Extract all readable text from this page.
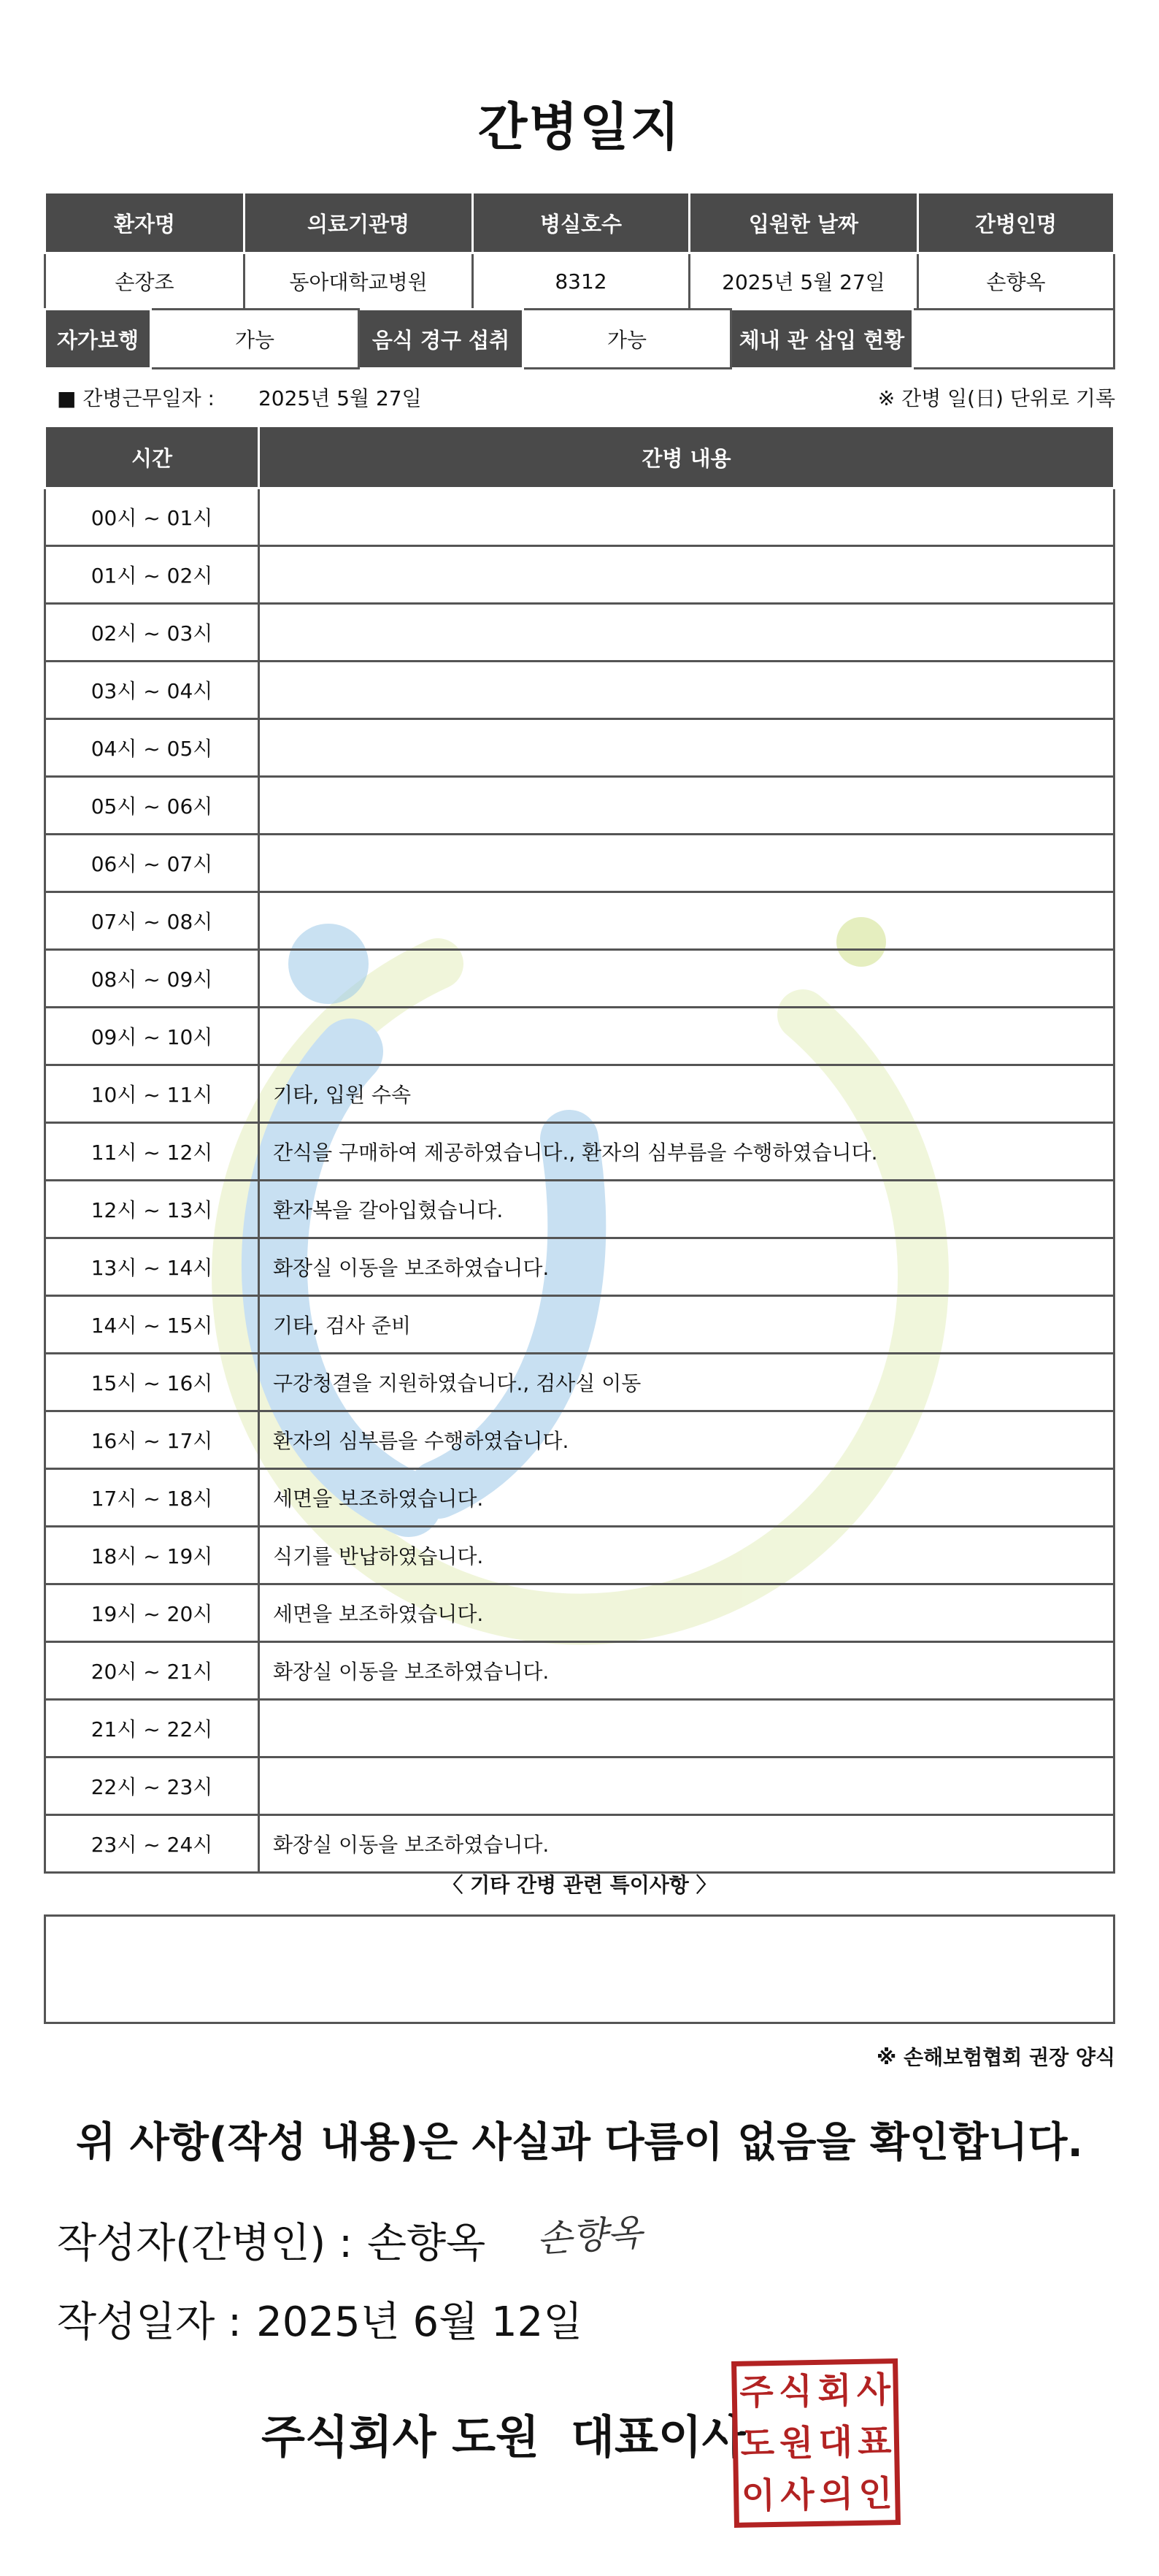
간병일지
환자명	의료기관명	병실호수	입원한 날짜	간병인명
손장조	동아대학교병원	8312	2025년 5월 27일	손향옥
자가보행	가능	음식 경구 섭취	가능	체내 관 삽입 현황	
■ 간병근무일자 : 2025년 5월 27일	※ 간병 일(日) 단위로 기록
시간	간병 내용
00시 ~ 01시	
01시 ~ 02시	
02시 ~ 03시	
03시 ~ 04시	
04시 ~ 05시	
05시 ~ 06시	
06시 ~ 07시	
07시 ~ 08시	
08시 ~ 09시	
09시 ~ 10시	
10시 ~ 11시	기타, 입원 수속
11시 ~ 12시	간식을 구매하여 제공하였습니다., 환자의 심부름을 수행하였습니다.
12시 ~ 13시	환자복을 갈아입혔습니다.
13시 ~ 14시	화장실 이동을 보조하였습니다.
14시 ~ 15시	기타, 검사 준비
15시 ~ 16시	구강청결을 지원하였습니다., 검사실 이동
16시 ~ 17시	환자의 심부름을 수행하였습니다.
17시 ~ 18시	세면을 보조하였습니다.
18시 ~ 19시	식기를 반납하였습니다.
19시 ~ 20시	세면을 보조하였습니다.
20시 ~ 21시	화장실 이동을 보조하였습니다.
21시 ~ 22시	
22시 ~ 23시	
23시 ~ 24시	화장실 이동을 보조하였습니다.
〈 기타 간병 관련 특이사항 〉
※ 손해보험협회 권장 양식
위 사항(작성 내용)은 사실과 다름이 없음을 확인합니다.
작성자(간병인) : 손향옥 손향옥
작성일자 : 2025년 6월 12일
주식회사 도원  대표이사
주 식 회 사
도 원 대 표
이 사 의 인
